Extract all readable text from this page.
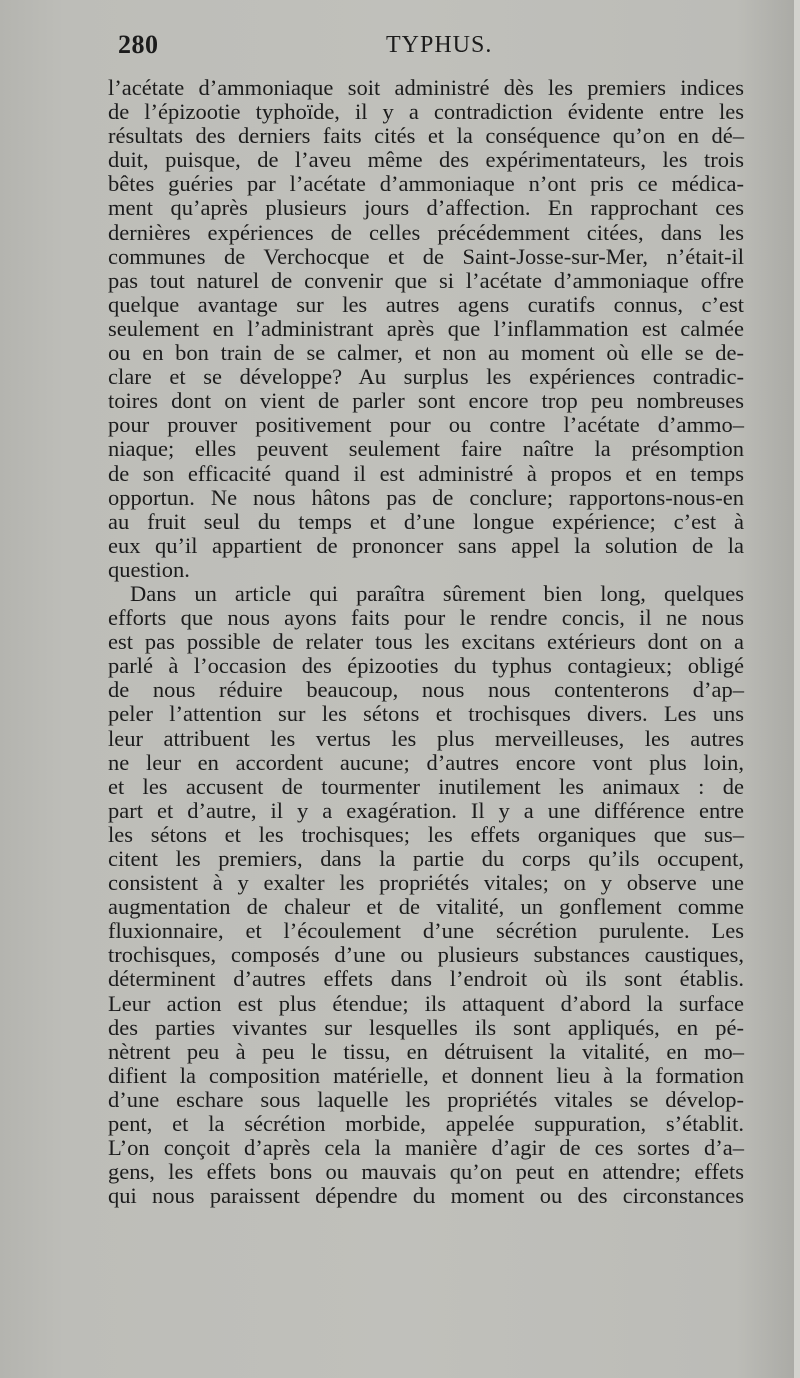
280	TYPHUS.
l’acétate d’ammoniaque soit administré dès les premiers indices
de l’épizootie typhoïde, il y a contradiction évidente entre les
résultats des derniers faits cités et la conséquence qu’on en dé–
duit, puisque, de l’aveu même des expérimentateurs, les trois
bêtes guéries par l’acétate d’ammoniaque n’ont pris ce médica-
ment qu’après plusieurs jours d’affection. En rapprochant ces
dernières expériences de celles précédemment citées, dans les
communes de Verchocque et de Saint-Josse-sur-Mer, n’était-il
pas tout naturel de convenir que si l’acétate d’ammoniaque offre
quelque avantage sur les autres agens curatifs connus, c’est
seulement en l’administrant après que l’inflammation est calmée
ou en bon train de se calmer, et non au moment où elle se de-
clare et se développe? Au surplus les expériences contradic-
toires dont on vient de parler sont encore trop peu nombreuses
pour prouver positivement pour ou contre l’acétate d’ammo–
niaque; elles peuvent seulement faire naître la présomption
de son efficacité quand il est administré à propos et en temps
opportun. Ne nous hâtons pas de conclure; rapportons-nous-en
au fruit seul du temps et d’une longue expérience; c’est à
eux qu’il appartient de prononcer sans appel la solution de la
question.
Dans un article qui paraîtra sûrement bien long, quelques
efforts que nous ayons faits pour le rendre concis, il ne nous
est pas possible de relater tous les excitans extérieurs dont on a
parlé à l’occasion des épizooties du typhus contagieux; obligé
de nous réduire beaucoup, nous nous contenterons d’ap–
peler l’attention sur les sétons et trochisques divers. Les uns
leur attribuent les vertus les plus merveilleuses, les autres
ne leur en accordent aucune; d’autres encore vont plus loin,
et les accusent de tourmenter inutilement les animaux : de
part et d’autre, il y a exagération. Il y a une différence entre
les sétons et les trochisques; les effets organiques que sus–
citent les premiers, dans la partie du corps qu’ils occupent,
consistent à y exalter les propriétés vitales; on y observe une
augmentation de chaleur et de vitalité, un gonflement comme
fluxionnaire, et l’écoulement d’une sécrétion purulente. Les
trochisques, composés d’une ou plusieurs substances caustiques,
déterminent d’autres effets dans l’endroit où ils sont établis.
Leur action est plus étendue; ils attaquent d’abord la surface
des parties vivantes sur lesquelles ils sont appliqués, en pé-
nètrent peu à peu le tissu, en détruisent la vitalité, en mo–
difient la composition matérielle, et donnent lieu à la formation
d’une eschare sous laquelle les propriétés vitales se dévelop-
pent, et la sécrétion morbide, appelée suppuration, s’établit.
L’on conçoit d’après cela la manière d’agir de ces sortes d’a–
gens, les effets bons ou mauvais qu’on peut en attendre; effets
qui nous paraissent dépendre du moment ou des circonstances
